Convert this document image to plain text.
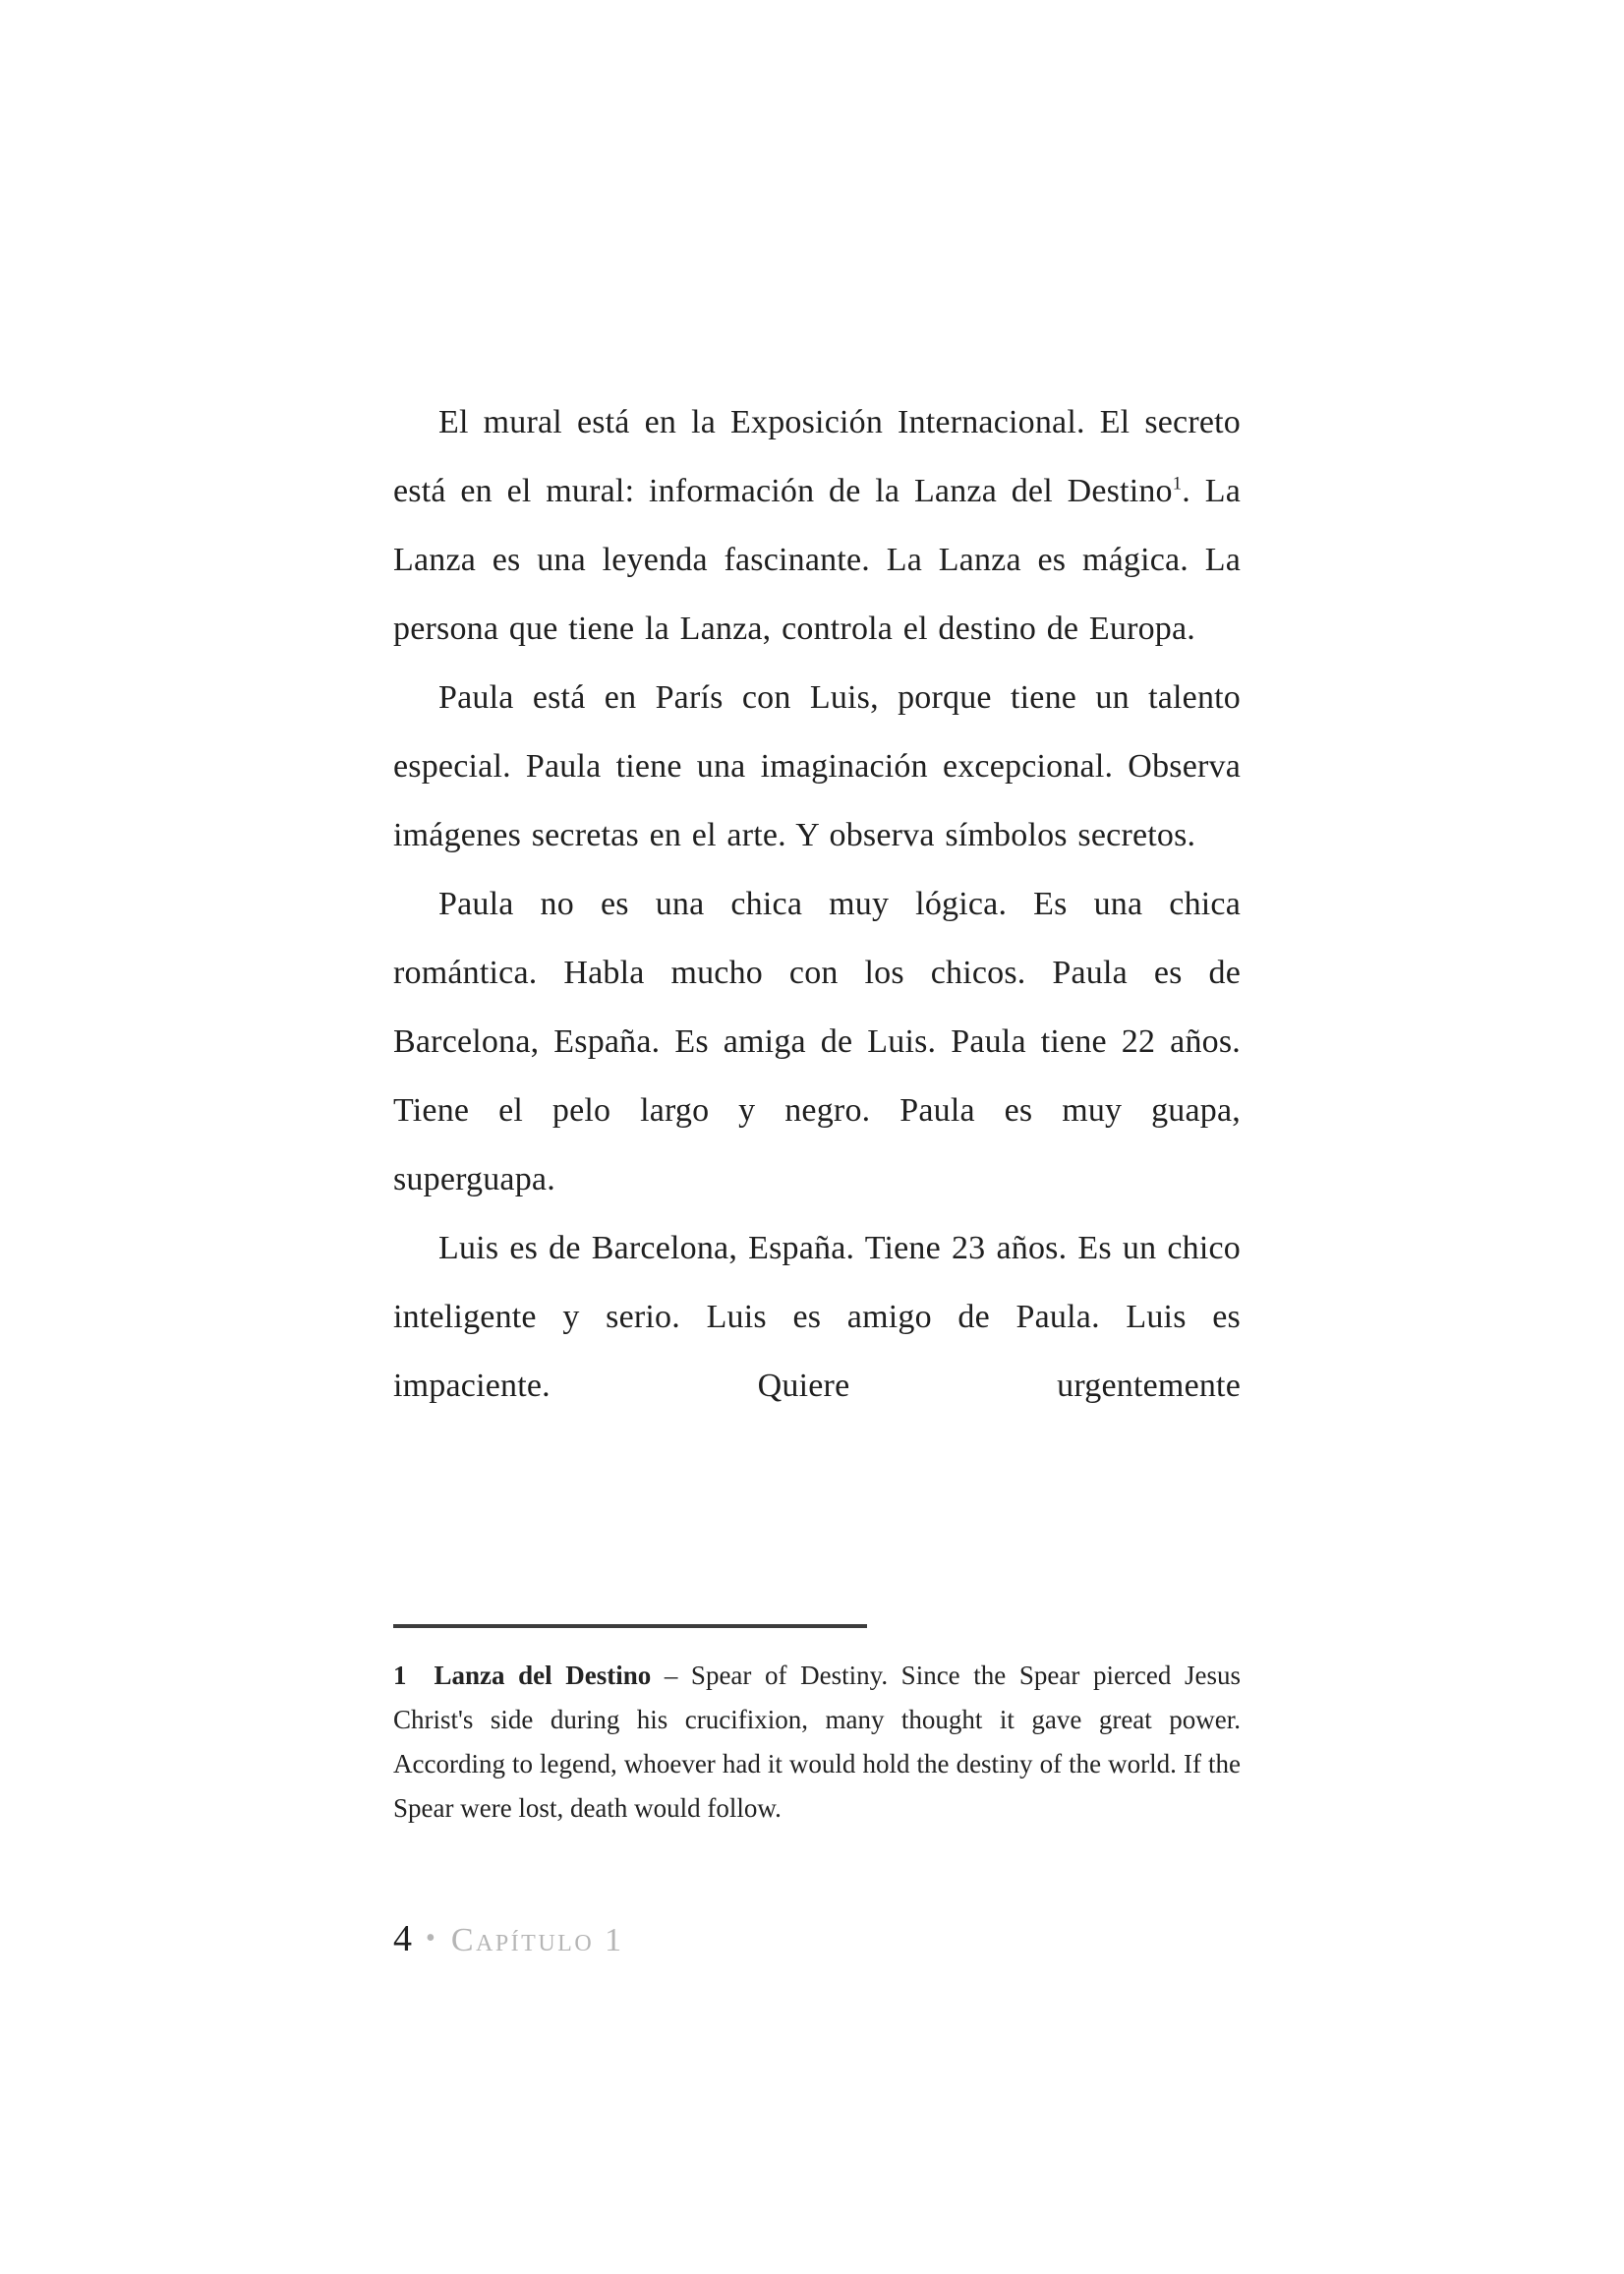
El mural está en la Exposición Internacional. El secreto está en el mural: información de la Lanza del Destino$^1$. La Lanza es una leyenda fascinante. La Lanza es mágica. La persona que tiene la Lanza, controla el destino de Europa.

Paula está en París con Luis, porque tiene un talento especial. Paula tiene una imaginación excepcional. Observa imágenes secretas en el arte. Y observa símbolos secretos.

Paula no es una chica muy lógica. Es una chica romántica. Habla mucho con los chicos. Paula es de Barcelona, España. Es amiga de Luis. Paula tiene 22 años. Tiene el pelo largo y negro. Paula es muy guapa, superguapa.

Luis es de Barcelona, España. Tiene 23 años. Es un chico inteligente y serio. Luis es amigo de Paula. Luis es impaciente. Quiere urgentemente

1 Lanza del Destino – Spear of Destiny. Since the Spear pierced Jesus Christ's side during his crucifixion, many thought it gave great power. According to legend, whoever had it would hold the destiny of the world. If the Spear were lost, death would follow.

4 • Capítulo 1
